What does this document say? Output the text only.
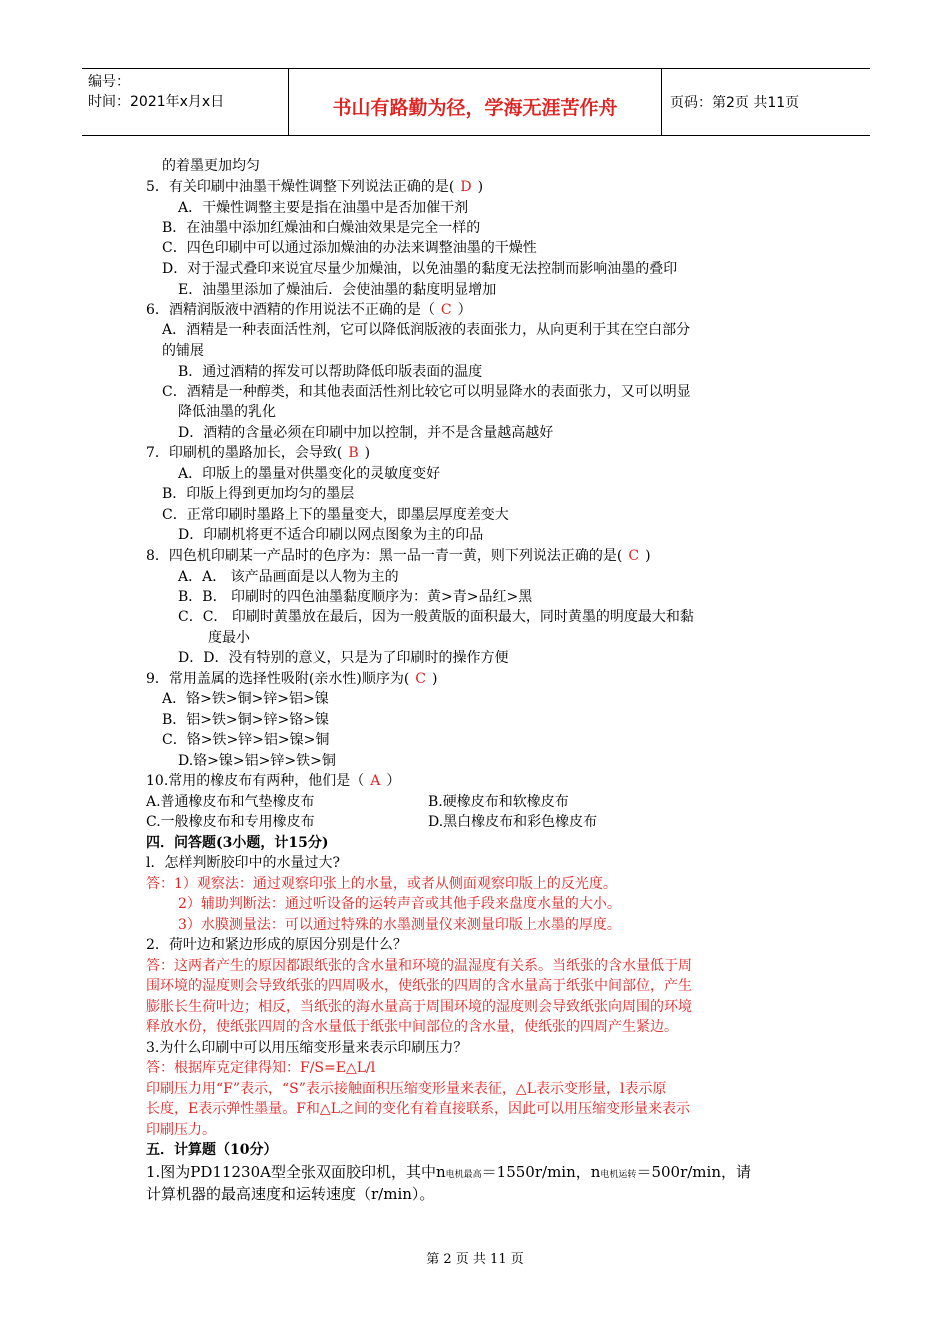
编号：
时间：2021年x月x日	书山有路勤为径，学海无涯苦作舟	页码：第2页 共11页
的着墨更加均匀
5．有关印刷中油墨干燥性调整下列说法正确的是( D )
A．干燥性调整主要是指在油墨中是否加催干剂
B．在油墨中添加红燥油和白燥油效果是完全一样的
C．四色印刷中可以通过添加燥油的办法来调整油墨的干燥性
D．对于湿式叠印来说宜尽量少加燥油，以免油墨的黏度无法控制而影响油墨的叠印
E．油墨里添加了燥油后．会使油墨的黏度明显增加
6．酒精润版液中酒精的作用说法不正确的是（ C ）
A．酒精是一种表面活性剂，它可以降低润版液的表面张力，从向更利于其在空白部分
的铺展
B．通过酒精的挥发可以帮助降低印版表面的温度
C．酒精是一种醇类，和其他表面活性剂比较它可以明显降水的表面张力，又可以明显
降低油墨的乳化
D．酒精的含量必须在印刷中加以控制，并不是含量越高越好
7．印刷机的墨路加长，会导致( B )
A．印版上的墨量对供墨变化的灵敏度变好
B．印版上得到更加均匀的墨层
C．正常印刷时墨路上下的墨量变大，即墨层厚度差变大
D．印刷机将更不适合印刷以网点图象为主的印品
8．四色机印刷某一产品时的色序为：黑一品一青一黄，则下列说法正确的是( C )
A．A． 该产品画面是以人物为主的
B．B． 印刷时的四色油墨黏度顺序为：黄>青>品红>黑
C．C． 印刷时黄墨放在最后，因为一般黄版的面积最大，同时黄墨的明度最大和黏
度最小
D．D．没有特别的意义，只是为了印刷时的操作方便
9．常用盖属的选择性吸附(亲水性)顺序为( C )
A．铬>铁>铜>锌>铝>镍
B．铝>铁>铜>锌>铬>镍
C．铬>铁>锌>铝>镍>铜
D.铬>镍>铝>锌>铁>铜
10.常用的橡皮布有两种，他们是（ A ）
A.普通橡皮布和气垫橡皮布	B.硬橡皮布和软橡皮布
C.一般橡皮布和专用橡皮布	D.黑白橡皮布和彩色橡皮布
四．问答题(3小题，计15分)
l．怎样判断胶印中的水量过大?
答：1）观察法：通过观察印张上的水量，或者从侧面观察印版上的反光度。
2）辅助判断法：通过听设备的运转声音或其他手段来盘度水量的大小。
3）水膜测量法：可以通过特殊的水墨测量仪来测量印版上水墨的厚度。
2．荷叶边和紧边形成的原因分别是什么？
答：这两者产生的原因都跟纸张的含水量和环境的温湿度有关系。当纸张的含水量低于周
围环境的湿度则会导致纸张的四周吸水，使纸张的四周的含水量高于纸张中间部位，产生
膨胀长生荷叶边；相反，当纸张的海水量高于周围环境的湿度则会导致纸张向周围的环境
释放水份，使纸张四周的含水量低于纸张中间部位的含水量，使纸张的四周产生紧边。
3.为什么印刷中可以用压缩变形量来表示印刷压力？
答：根据库克定律得知：F/S=E△L/l
印刷压力用“F”表示，“S”表示接触面积压缩变形量来表征，△L表示变形量，l表示原
长度，E表示弹性墨量。F和△L之间的变化有着直接联系，因此可以用压缩变形量来表示
印刷压力。
五．计算题（10分）
1.图为PD11230A型全张双面胶印机，其中n电机最高＝1550r/min，n电机运转＝500r/min，请
计算机器的最高速度和运转速度（r/min）。
第 2 页 共 11 页
